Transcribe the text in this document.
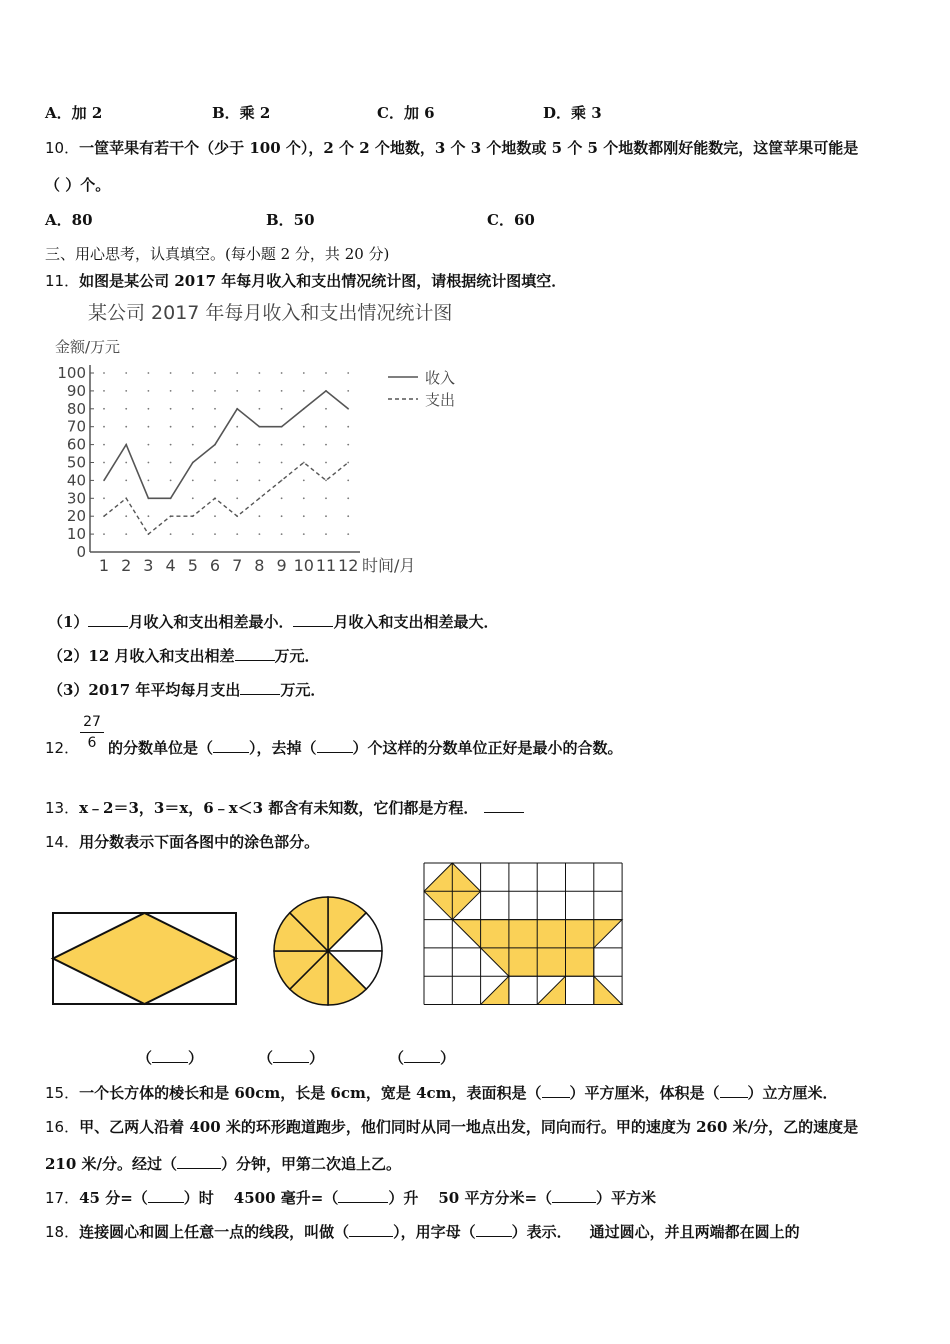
A．加 2	B．乘 2	C．加 6	D．乘 3
10．一筐苹果有若干个（少于 100 个），2 个 2 个地数，3 个 3 个地数或 5 个 5 个地数都刚好能数完，这筐苹果可能是
（ ）个。
A．80	B．50	C．60
三、用心思考，认真填空。(每小题 2 分，共 20 分)
11．如图是某公司 2017 年每月收入和支出情况统计图，请根据统计图填空．
某公司 2017 年每月收入和支出情况统计图
金额/万元
0
10
20
30
40
50
60
70
80
90
100
1 2 3 4 5 6 7 8 9 10 11 12 时间/月
收入
支出
（1）	月收入和支出相差最小．	月收入和支出相差最大．
（2）12 月收入和支出相差	万元．
（3）2017 年平均每月支出	万元．
12． $\frac{27}{6}$ 的分数单位是（ ），去掉（ ）个这样的分数单位正好是最小的合数。
13．x﹣2＝3，3＝x，6﹣x＜3 都含有未知数，它们都是方程．
14．用分数表示下面各图中的涂色部分。
（ ）	（ ）	（ ）
15．一个长方体的棱长和是 60cm，长是 6cm，宽是 4cm，表面积是（ ）平方厘米，体积是（ ）立方厘米．
16．甲、乙两人沿着 400 米的环形跑道跑步，他们同时从同一地点出发，同向而行。甲的速度为 260 米/分，乙的速度是
210 米/分。经过（	）分钟，甲第二次追上乙。
17．45 分=（ ）时 4500 毫升=（	）升 50 平方分米=（	）平方米
18．连接圆心和圆上任意一点的线段，叫做（	），用字母（ ）表示． 通过圆心，并且两端都在圆上的
